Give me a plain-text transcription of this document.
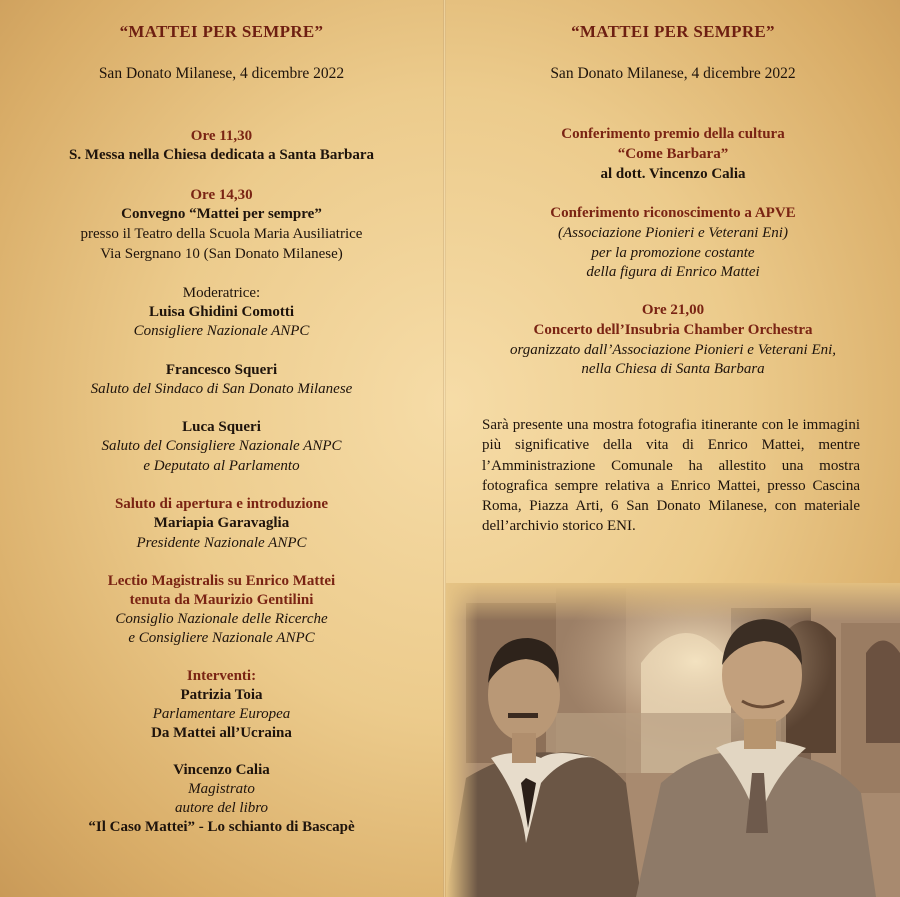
“MATTEI PER SEMPRE”

San Donato Milanese, 4 dicembre 2022

Ore 11,30

S. Messa nella Chiesa dedicata a Santa Barbara

Ore 14,30

Convegno “Mattei per sempre”

presso il Teatro della Scuola Maria Ausiliatrice

Via Sergnano 10 (San Donato Milanese)

Moderatrice:

Luisa Ghidini Comotti

Consigliere Nazionale ANPC

Francesco Squeri

Saluto del Sindaco di San Donato Milanese

Luca Squeri

Saluto del Consigliere Nazionale ANPC

e Deputato al Parlamento

Saluto di apertura e introduzione

Mariapia Garavaglia

Presidente Nazionale ANPC

Lectio Magistralis su Enrico Mattei

tenuta da Maurizio Gentilini

Consiglio Nazionale delle Ricerche

e Consigliere Nazionale ANPC

Interventi:

Patrizia Toia

Parlamentare Europea

Da Mattei all’Ucraina

Vincenzo Calia

Magistrato

autore del libro

“Il Caso Mattei” - Lo schianto di Bascapè

“MATTEI PER SEMPRE”

San Donato Milanese, 4 dicembre 2022

Conferimento premio della cultura

“Come Barbara”

al dott. Vincenzo Calia

Conferimento riconoscimento a APVE

(Associazione Pionieri e Veterani Eni)

per la promozione costante

della figura di Enrico Mattei

Ore 21,00

Concerto dell’Insubria Chamber Orchestra

organizzato dall’Associazione Pionieri e Veterani Eni,

nella Chiesa di Santa Barbara

Sarà presente una mostra fotografia itinerante con le immagini più significative della vita di Enrico Mattei, mentre l’Amministrazione Comunale ha allestito una mostra fotografica sempre relativa a Enrico Mattei, presso Cascina Roma, Piazza Arti, 6 San Donato Milanese, con materiale dell’archivio storico ENI.
